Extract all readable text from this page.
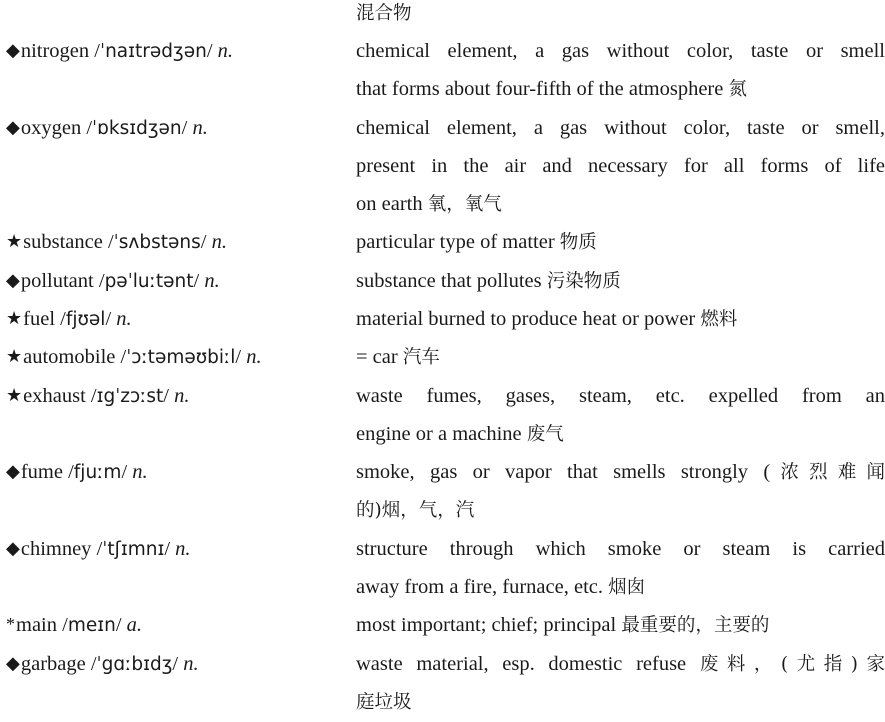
混合物
◆nitrogen /ˈnaɪtrədʒən/ n.	chemical element, a gas without color, taste or smell
that forms about four-fifth of the atmosphere 氮
◆oxygen /ˈɒksɪdʒən/ n.	chemical element, a gas without color, taste or smell,
present in the air and necessary for all forms of life
on earth 氧，氧气
★substance /ˈsʌbstəns/ n.	particular type of matter 物质
◆pollutant /pəˈluːtənt/ n.	substance that pollutes 污染物质
★fuel /fjʊəl/ n.	material burned to produce heat or power 燃料
★automobile /ˈɔːtəməʊbiːl/ n.	= car 汽车
★exhaust /ɪgˈzɔːst/ n.	waste fumes, gases, steam, etc. expelled from an
engine or a machine 废气
◆fume /fjuːm/ n.	smoke, gas or vapor that smells strongly (浓烈难闻
的)烟，气，汽
◆chimney /ˈtʃɪmnɪ/ n.	structure through which smoke or steam is carried
away from a fire, furnace, etc. 烟囱
*main /meɪn/ a.	most important; chief; principal 最重要的，主要的
◆garbage /ˈgɑːbɪdʒ/ n.	waste material, esp. domestic refuse 废料，(尤指)家
庭垃圾
